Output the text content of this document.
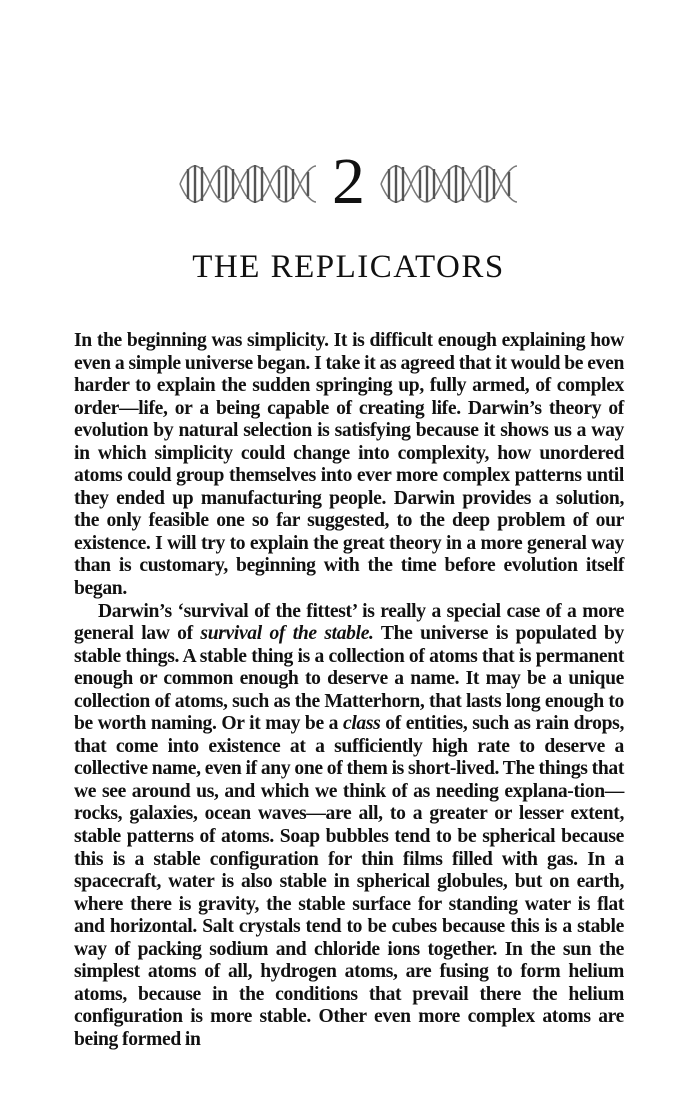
2
THE REPLICATORS

In the beginning was simplicity. It is difficult enough explaining how even a simple universe began. I take it as agreed that it would be even harder to explain the sudden springing up, fully armed, of complex order—life, or a being capable of creating life. Darwin’s theory of evolution by natural selection is satisfying because it shows us a way in which simplicity could change into complexity, how unordered atoms could group themselves into ever more complex patterns until they ended up manufacturing people. Darwin provides a solution, the only feasible one so far suggested, to the deep problem of our existence. I will try to explain the great theory in a more general way than is customary, beginning with the time before evolution itself began.

Darwin’s ‘survival of the fittest’ is really a special case of a more general law of survival of the stable. The universe is populated by stable things. A stable thing is a collection of atoms that is permanent enough or common enough to deserve a name. It may be a unique collection of atoms, such as the Matterhorn, that lasts long enough to be worth naming. Or it may be a class of entities, such as rain drops, that come into existence at a sufficiently high rate to deserve a collective name, even if any one of them is short-lived. The things that we see around us, and which we think of as needing explana-tion—rocks, galaxies, ocean waves—are all, to a greater or lesser extent, stable patterns of atoms. Soap bubbles tend to be spherical because this is a stable configuration for thin films filled with gas. In a spacecraft, water is also stable in spherical globules, but on earth, where there is gravity, the stable surface for standing water is flat and horizontal. Salt crystals tend to be cubes because this is a stable way of packing sodium and chloride ions together. In the sun the simplest atoms of all, hydrogen atoms, are fusing to form helium atoms, because in the conditions that prevail there the helium configuration is more stable. Other even more complex atoms are being formed in
